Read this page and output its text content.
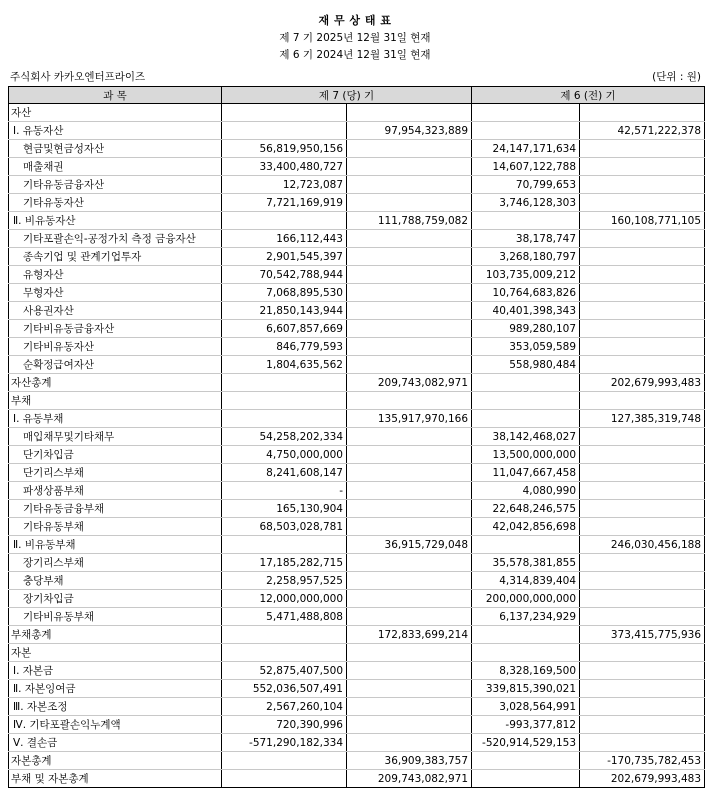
재 무 상 태 표
제 7 기 2025년 12월 31일 현재
제 6 기 2024년 12월 31일 현재
주식회사 카카오엔터프라이즈	(단위 : 원)
과 목	제 7 (당) 기		제 6 (전) 기	
자산				
Ⅰ. 유동자산		97,954,323,889		42,571,222,378
현금및현금성자산	56,819,950,156		24,147,171,634	
매출채권	33,400,480,727		14,607,122,788	
기타유동금융자산	12,723,087		70,799,653	
기타유동자산	7,721,169,919		3,746,128,303	
Ⅱ. 비유동자산		111,788,759,082		160,108,771,105
기타포괄손익-공정가치 측정 금융자산	166,112,443		38,178,747	
종속기업 및 관계기업투자	2,901,545,397		3,268,180,797	
유형자산	70,542,788,944		103,735,009,212	
무형자산	7,068,895,530		10,764,683,826	
사용권자산	21,850,143,944		40,401,398,343	
기타비유동금융자산	6,607,857,669		989,280,107	
기타비유동자산	846,779,593		353,059,589	
순확정급여자산	1,804,635,562		558,980,484	
자산총계		209,743,082,971		202,679,993,483
부채				
Ⅰ. 유동부채		135,917,970,166		127,385,319,748
매입채무및기타채무	54,258,202,334		38,142,468,027	
단기차입금	4,750,000,000		13,500,000,000	
단기리스부채	8,241,608,147		11,047,667,458	
파생상품부채	-		4,080,990	
기타유동금융부채	165,130,904		22,648,246,575	
기타유동부채	68,503,028,781		42,042,856,698	
Ⅱ. 비유동부채		36,915,729,048		246,030,456,188
장기리스부채	17,185,282,715		35,578,381,855	
충당부채	2,258,957,525		4,314,839,404	
장기차입금	12,000,000,000		200,000,000,000	
기타비유동부채	5,471,488,808		6,137,234,929	
부채총계		172,833,699,214		373,415,775,936
자본				
Ⅰ. 자본금	52,875,407,500		8,328,169,500	
Ⅱ. 자본잉여금	552,036,507,491		339,815,390,021	
Ⅲ. 자본조정	2,567,260,104		3,028,564,991	
Ⅳ. 기타포괄손익누계액	720,390,996		-993,377,812	
Ⅴ. 결손금	-571,290,182,334		-520,914,529,153	
자본총계		36,909,383,757		-170,735,782,453
부채 및 자본총계		209,743,082,971		202,679,993,483
